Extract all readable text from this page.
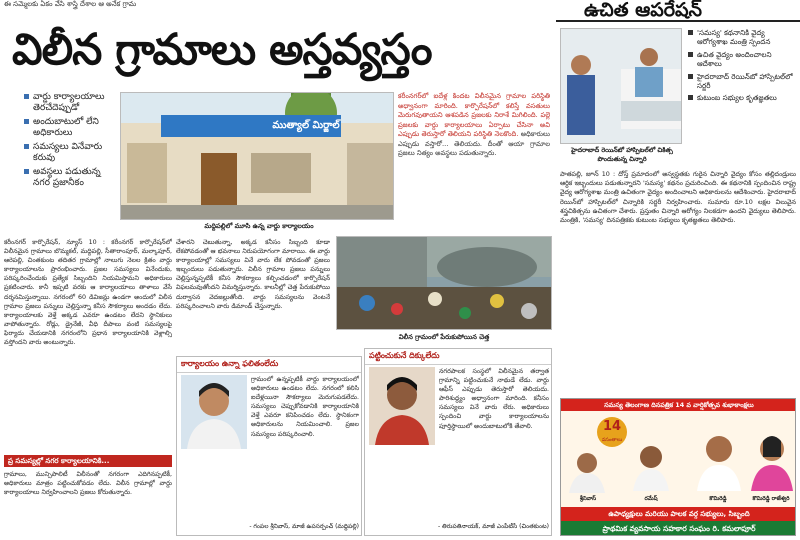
ఈ సమ్మెలకు ఏకం వేసి శాస్త్రి దేశాల ఆ అనేక గ్రామ	ఉచిత ఆపరేషన్
విలీన గ్రామాలు అస్తవ్యస్తం
వార్డు కార్యాలయాలు తెరచేదెప్పుడో
అందుబాటులో లేని అధికారులు
సమస్యలు వినేవారు కరువు
అవస్థలు పడుతున్న నగర ప్రజానీకం
ముత్యాల్ మిర్జాల్
మద్దిపల్లిలో మూసి ఉన్న వార్డు కార్యాలయం
కరీంనగర్‌లో ఐదేళ్ల కిందట విలీనమైన గ్రామాల పరిస్థితి అధ్వానంగా మారింది. కార్పొరేషన్‌లో కలిస్తే వసతులు మెరుగవుతాయని ఆశపడిన ప్రజలకు నిరాశే మిగిలింది. పల్లె ప్రజలకు వార్డు కార్యాలయాలు ఏర్పాటు చేసినా అవి ఎప్పుడు తెరుస్తారో తెలియని పరిస్థితి నెలకొంది. అధికారులు ఎప్పుడు వస్తారో... తెలియదు. దీంతో ఆయా గ్రామాల ప్రజలు నిత్యం అవస్థలు పడుతున్నారు.
కరీంనగర్ కార్పొరేషన్, న్యూస్ 10 : కరీంనగర్ కార్పొరేషన్‌లో విలీనమైన గ్రామాలు బొమ్మకల్, మద్దిపల్లి, సీతారాంపూర్, మల్కాపూర్, ఆరెపల్లి, చింతకుంట తదితర గ్రామాల్లో నాలుగు నెలల క్రితం వార్డు కార్యాలయాలను ప్రారంభించారు. ప్రజల సమస్యలు వినేందుకు, పరిష్కరించేందుకు ప్రత్యేక సిబ్బందిని నియమిస్తామని అధికారులు ప్రకటించారు. కానీ ఇప్పటి వరకు ఆ కార్యాలయాలు తాళాలు వేసే దర్శనమిస్తున్నాయి. నగరంలో 60 డివిజన్లు ఉండగా అందులో విలీన గ్రామాల ప్రజలు పన్నులు చెల్లిస్తున్నా కనీస సౌకర్యాలు అందడం లేదు. కార్యాలయాలకు వెళ్తే అక్కడ ఎవరూ ఉండటం లేదని స్థానికులు వాపోతున్నారు. రోడ్లు, డ్రైనేజీ, వీధి దీపాలు వంటి సమస్యలపై ఫిర్యాదు చేయడానికి నగరంలోని ప్రధాన కార్యాలయానికి వెళ్లాల్సి వస్తోందని వారు అంటున్నారు.
ప్ర సమస్యల్లో నగర కార్యాలయానికి...
గ్రామాలు, మున్సిపాలిటీ విలీనంతో నగరంగా ఎదిగినప్పటికీ, అధికారులు మాత్రం పట్టించుకోవడం లేదు. విలీన గ్రామాల్లో వార్డు కార్యాలయాలు నిర్వహించాలని ప్రజలు కోరుతున్నారు.
చేశారని చెబుతున్నా, అక్కడ కనీసం సిబ్బంది కూడా లేకపోవడంతో ఆ భవనాలు నిరుపయోగంగా మారాయి. ఈ వార్డు కార్యాలయాల్లో సమస్యలు వినే వారు లేక పోవడంతో ప్రజలు ఇబ్బందులు పడుతున్నారు. విలీన గ్రామాల ప్రజలు పన్నులు చెల్లిస్తున్నప్పటికీ కనీస సౌకర్యాలు కల్పించడంలో కార్పొరేషన్ విఫలమవుతోందని విమర్శిస్తున్నారు. కాలనీల్లో చెత్త పేరుకుపోయి దుర్వాసన వెదజల్లుతోంది. వార్డు సమస్యలను వెంటనే పరిష్కరించాలని వారు డిమాండ్ చేస్తున్నారు.
విలీన గ్రామంలో పేరుకుపోయిన చెత్త
కార్యాలయం ఉన్నా ఫలితంలేదు
గ్రామంలో ఉన్నప్పటికీ వార్డు కార్యాలయంలో అధికారులు ఉండటం లేదు. నగరంలో కలిసి ఐదేళ్లయినా సౌకర్యాలు మెరుగుపడలేదు. సమస్యలు చెప్పుకోవడానికి కార్యాలయానికి వెళ్తే ఎవరూ కనిపించడం లేదు. స్థానికంగా అధికారులను నియమించాలి. ప్రజల సమస్యలు పరిష్కరించాలి.
- గంపల శ్రీనివాస్, మాజీ ఉపసర్పంచ్ (మద్దిపల్లి)
పట్టించుకునే దిక్కులేదు
నగరపాలక సంస్థలో విలీనమైన తర్వాత గ్రామాన్ని పట్టించుకునే నాథుడే లేడు. వార్డు ఆఫీస్ ఎప్పుడు తెరుస్తారో తెలియదు. పారిశుద్ధ్యం అధ్వానంగా మారింది. కనీసం సమస్యలు వినే వారు లేరు. అధికారులు స్పందించి వార్డు కార్యాలయాలను పూర్తిస్థాయిలో అందుబాటులోకి తేవాలి.
- తిరుపతినాయక్, మాజీ ఎంపీటీసీ (చింతకుంట)
హైదరాబాద్ రెయిన్‌బో హాస్పిటల్‌లో చికిత్స పొందుతున్న చిన్నారి
'సమస్య' కథనానికి వైద్య ఆరోగ్యశాఖ మంత్రి స్పందన
ఉచిత వైద్యం అందించాలని ఆదేశాలు
హైదరాబాద్ రెయిన్‌బో హాస్పిటల్‌లో సర్జరీ
కుటుంబ సభ్యుల కృతజ్ఞతలు
పాతపల్లి, జూన్ 10 : దోస్త్ ప్రమాదంలో అస్వస్థతకు గురైన చిన్నారి వైద్యం కోసం తల్లిదండ్రులు ఆర్థిక ఇబ్బందులు పడుతున్నారని 'సమస్య' కథనం ప్రచురించింది. ఈ కథనానికి స్పందించిన రాష్ట్ర వైద్య ఆరోగ్యశాఖ మంత్రి ఉచితంగా వైద్యం అందించాలని అధికారులను ఆదేశించారు. హైదరాబాద్ రెయిన్‌బో హాస్పిటల్‌లో చిన్నారికి సర్జరీ నిర్వహించారు. సుమారు రూ.10 లక్షల విలువైన శస్త్రచికిత్సను ఉచితంగా చేశారు. ప్రస్తుతం చిన్నారి ఆరోగ్యం నిలకడగా ఉందని వైద్యులు తెలిపారు. మంత్రికి, 'సమస్య' దినపత్రికకు కుటుంబ సభ్యులు కృతజ్ఞతలు తెలిపారు.
సమస్య తెలంగాణ దినపత్రిక 14 వ వార్షికోత్సవ శుభాకాంక్షలు
14
వసంతాలు
శ్రీనివాస్	రమేష్	కొమిరెడ్డి	కొమిరెడ్డి రాజేశ్వరి
ఉపాధ్యక్షులు మరియు పాలక వర్గ సభ్యులు, సిబ్బంది
ప్రాథమిక వ్యవసాయ సహకార సంఘం రి. కమలాపూర్
